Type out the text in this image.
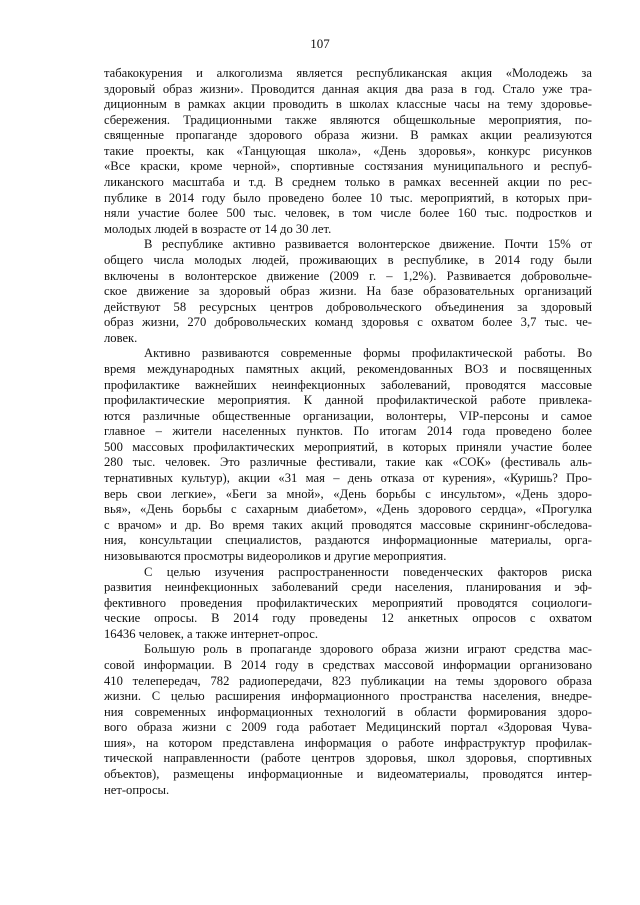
107

табакокурения и алкоголизма является республиканская акция «Молодежь за
здоровый образ жизни». Проводится данная акция два раза в год. Стало уже тра-
диционным в рамках акции проводить в школах классные часы на тему здоровье-
сбережения. Традиционными также являются общешкольные мероприятия, по-
священные пропаганде здорового образа жизни. В рамках акции реализуются
такие проекты, как «Танцующая школа», «День здоровья», конкурс рисунков
«Все краски, кроме черной», спортивные состязания муниципального и респуб-
ликанского масштаба и т.д. В среднем только в рамках весенней акции по рес-
публике в 2014 году было проведено более 10 тыс. мероприятий, в которых при-
няли участие более 500 тыс. человек, в том числе более 160 тыс. подростков и
молодых людей в возрасте от 14 до 30 лет.

В республике активно развивается волонтерское движение. Почти 15% от
общего числа молодых людей, проживающих в республике, в 2014 году были
включены в волонтерское движение (2009 г. – 1,2%). Развивается добровольче-
ское движение за здоровый образ жизни. На базе образовательных организаций
действуют 58 ресурсных центров добровольческого объединения за здоровый
образ жизни, 270 добровольческих команд здоровья с охватом более 3,7 тыс. че-
ловек.

Активно развиваются современные формы профилактической работы. Во
время международных памятных акций, рекомендованных ВОЗ и посвященных
профилактике важнейших неинфекционных заболеваний, проводятся массовые
профилактические мероприятия. К данной профилактической работе привлека-
ются различные общественные организации, волонтеры, VIP-персоны и самое
главное – жители населенных пунктов. По итогам 2014 года проведено более
500 массовых профилактических мероприятий, в которых приняли участие более
280 тыс. человек. Это различные фестивали, такие как «СОК» (фестиваль аль-
тернативных культур), акции «31 мая – день отказа от курения», «Куришь? Про-
верь свои легкие», «Беги за мной», «День борьбы с инсультом», «День здоро-
вья», «День борьбы с сахарным диабетом», «День здорового сердца», «Прогулка
с врачом» и др. Во время таких акций проводятся массовые скрининг-обследова-
ния, консультации специалистов, раздаются информационные материалы, орга-
низовываются просмотры видеороликов и другие мероприятия.

С целью изучения распространенности поведенческих факторов риска
развития неинфекционных заболеваний среди населения, планирования и эф-
фективного проведения профилактических мероприятий проводятся социологи-
ческие опросы. В 2014 году проведены 12 анкетных опросов с охватом
16436 человек, а также интернет-опрос.

Большую роль в пропаганде здорового образа жизни играют средства мас-
совой информации. В 2014 году в средствах массовой информации организовано
410 телепередач, 782 радиопередачи, 823 публикации на темы здорового образа
жизни. С целью расширения информационного пространства населения, внедре-
ния современных информационных технологий в области формирования здоро-
вого образа жизни с 2009 года работает Медицинский портал «Здоровая Чува-
шия», на котором представлена информация о работе инфраструктур профилак-
тической направленности (работе центров здоровья, школ здоровья, спортивных
объектов), размещены информационные и видеоматериалы, проводятся интер-
нет-опросы.
